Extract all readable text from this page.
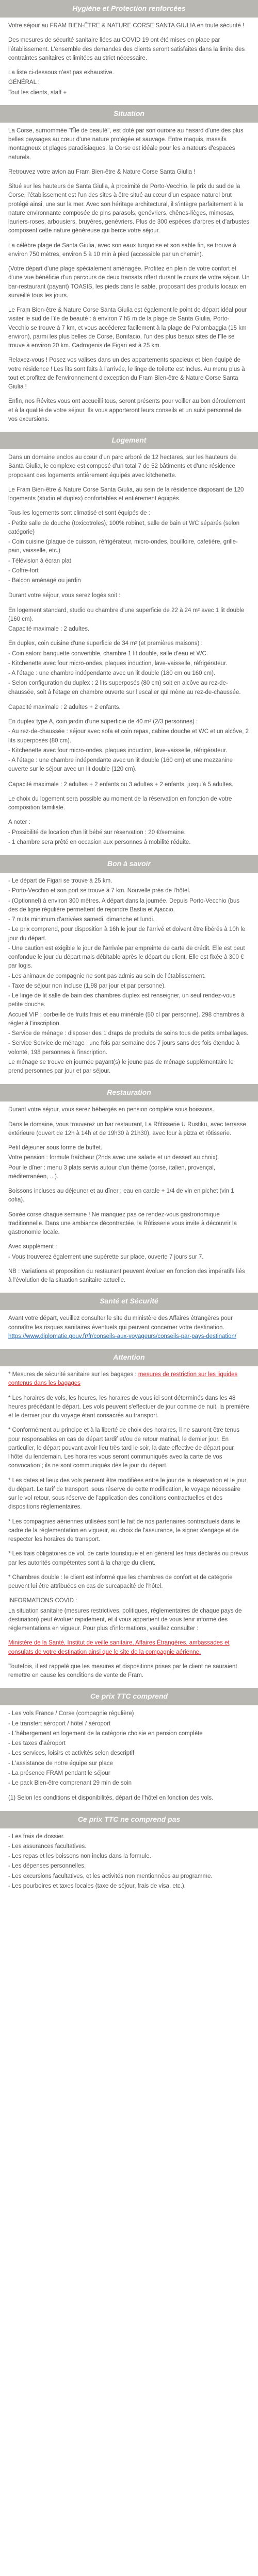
Hygiène et Protection renforcées

Votre séjour au FRAM BIEN-ÊTRE & NATURE CORSE SANTA GIULIA en toute sécurité !

Des mesures de sécurité sanitaire liées au COVID 19 ont été mises en place par l'établissement. L'ensemble des demandes des clients seront satisfaites dans la limite des contraintes sanitaires et limitées au strict nécessaire.

La liste ci-dessous n'est pas exhaustive.

GÉNÉRAL :

Tout les clients, staff +

Situation

La Corse, surnommée "l'Île de beauté", est doté par son ouroire au hasard d'une des plus belles paysages au cœur d'une nature protégée et sauvage. Entre maquis, massifs montagneux et plages paradisiaques, la Corse est idéale pour les amateurs d'espaces naturels.

Retrouvez votre avion au Fram Bien-être & Nature Corse Santa Giulia !

Situé sur les hauteurs de Santa Giulia, à proximité de Porto-Vecchio, le prix du sud de la Corse, l'établissement est l'un des sites à être situé au cœur d'un espace naturel brut protégé ainsi, une sur la mer. Avec son héritage architectural, il s'intègre parfaitement à la nature environnante composée de pins parasols, genévriers, chênes-lièges, mimosas, lauriers-roses, arbousiers, bruyères, genévriers. Plus de 300 espèces d'arbres et d'arbustes composent cette nature généreuse qui berce votre séjour.

La célèbre plage de Santa Giulia, avec son eaux turquoise et son sable fin, se trouve à environ 750 mètres, environ 5 à 10 min à pied (accessible par un chemin).

(Votre départ d'une plage spécialement aménagée. Profitez en plein de votre confort et d'une vue bénéficie d'un parcours de deux transats offert durant le cours de votre séjour. Un bar-restaurant (payant) TOASIS, les pieds dans le sable, proposant des produits locaux en surveillé tous les jours.

Le Fram Bien-être & Nature Corse Santa Giulia est également le point de départ idéal pour visiter le sud de l'île de beauté : à environ 7 h5 m de la plage de Santa Giulia, Porto-Vecchio se trouve à 7 km, et vous accéderez facilement à la plage de Palombaggia (15 km environ), parmi les plus belles de Corse, Bonifacio, l'un des plus beaux sites de l'île se trouve à environ 20 km. Cadrogeois de Figari est à 25 km.

Relaxez-vous ! Posez vos valises dans un des appartements spacieux et bien équipé de votre résidence ! Les lits sont faits à l'arrivée, le linge de toilette est inclus. Au menu plus à tout et profitez de l'environnement d'exception du Fram Bien-être & Nature Corse Santa Giulia !

Enfin, nos Rêvites vous ont accueilli tous, seront présents pour veiller au bon déroulement et à la qualité de votre séjour. Ils vous apporteront leurs conseils et un suivi personnel de vos excursions.

Logement

Dans un domaine enclos au cœur d'un parc arboré de 12 hectares, sur les hauteurs de Santa Giulia, le complexe est composé d'un total 7 de 52 bâtiments et d'une résidence proposant des logements entièrement équipés avec kitchenette.

Le Fram Bien-être & Nature Corse Santa Giulia, au sein de la résidence disposant de 120 logements (studio et duplex) confortables et entièrement équipés.

Tous les logements sont climatisé et sont équipés de :

- Petite salle de douche (toxicotroles), 100% robinet, salle de bain et WC séparés (selon catégorie)
- Coin cuisine (plaque de cuisson, réfrigérateur, micro-ondes, bouilloire, cafetière, grille-pain, vaisselle, etc.)
- Télévision à écran plat
- Coffre-fort
- Balcon aménagé ou jardin

Durant votre séjour, vous serez logés soit :

En logement standard, studio ou chambre d'une superficie de 22 à 24 m² avec 1 lit double (160 cm).

Capacité maximale : 2 adultes.

En duplex, coin cuisine d'une superficie de 34 m² (et premières maisons) :

- Coin salon: banquette convertible, chambre 1 lit double, salle d'eau et WC.
- Kitchenette avec four micro-ondes, plaques induction, lave-vaisselle, réfrigérateur.
- A l'étage : une chambre indépendante avec un lit double (180 cm ou 160 cm).
- Selon configuration du duplex : 2 lits superposés (80 cm) soit en alcôve au rez-de-chaussée, soit à l'étage en chambre ouverte sur l'escalier qui mène au rez-de-chaussée.

Capacité maximale : 2 adultes + 2 enfants.

En duplex type A, coin jardin d'une superficie de 40 m² (2/3 personnes) :

- Au rez-de-chaussée : séjour avec sofa et coin repas, cabine douche et WC et un alcôve, 2 lits superposés (80 cm).
- Kitchenette avec four micro-ondes, plaques induction, lave-vaisselle, réfrigérateur.
- A l'étage : une chambre indépendante avec un lit double (160 cm) et une mezzanine ouverte sur le séjour avec un lit double (120 cm).

Capacité maximale : 2 adultes + 2 enfants ou 3 adultes + 2 enfants, jusqu'à 5 adultes.

Le choix du logement sera possible au moment de la réservation en fonction de votre composition familiale.

A noter :

- Possibilité de location d'un lit bébé sur réservation : 20 €/semaine.
- 1 chambre sera prêté en occasion aux personnes à mobilité réduite.
Bon à savoir
- Le départ de Figari se trouve à 25 km.
- Porto-Vecchio et son port se trouve à 7 km. Nouvelle prés de l'hôtel.
- (Optionnel) à environ 300 mètres. A départ dans la journée. Depuis Porto-Vecchio (bus des de ligne régulière permettent de rejoindre Bastia et Ajaccio.
- 7 nuits minimum d'arrivées samedi, dimanche et lundi.
- Le prix comprend, pour disposition à 16h le jour de l'arrivé et doivent être libérés à 10h le jour du départ.
- Une caution est exigible le jour de l'arrivée par empreinte de carte de crédit. Elle est peut confondue le jour du départ mais débitable après le départ du client. Elle est fixée à 300 € par logis.
- Les animaux de compagnie ne sont pas admis au sein de l'établissement.
- Taxe de séjour non incluse (1,98 par jour et par personne).
- Le linge de lit salle de bain des chambres duplex est renseigner, un seul rendez-vous petite douche.
Accueil VIP : corbeille de fruits frais et eau minérale (50 cl par personne). 298 chambres à régler à l'inscription.
- Service de ménage : disposer des 1 draps de produits de soins tous de petits emballages.
- Service Service de ménage : une fois par semaine des 7 jours sans des fois étendue à volonté, 198 personnes à l'inscription.
Le ménage se trouve en journée payant(s) le jeune pas de ménage supplémentaire le prend personnes par jour et par séjour.
Restauration

Durant votre séjour, vous serez hébergés en pension complète sous boissons.

Dans le domaine, vous trouverez un bar restaurant, La Rôtisserie U Rustiku, avec terrasse extérieure (ouvert de 12h à 14h et de 19h30 à 21h30), avec four à pizza et rôtisserie.

Petit déjeuner sous forme de buffet.

Votre pension : formule fraîcheur (2nds avec une salade et un dessert au choix).

Pour le dîner : menu 3 plats servis autour d'un thème (corse, italien, provençal, méditerranéen, ...).

Boissons incluses au déjeuner et au dîner : eau en carafe + 1/4 de vin en pichet (vin 1 cofia).

Soirée corse chaque semaine ! Ne manquez pas ce rendez-vous gastronomique traditionnelle. Dans une ambiance décontractée, la Rôtisserie vous invite à découvrir la gastronomie locale.

Avec supplément :

- Vous trouverez également une supérette sur place, ouverte 7 jours sur 7.

NB : Variations et proposition du restaurant peuvent évoluer en fonction des impératifs liés à l'évolution de la situation sanitaire actuelle.

Santé et Sécurité

Avant votre départ, veuillez consulter le site du ministère des Affaires étrangères pour connaître les risques sanitaires éventuels qui peuvent concerner votre destination. https://www.diplomatie.gouv.fr/fr/conseils-aux-voyageurs/conseils-par-pays-destination/

Attention

* Mesures de sécurité sanitaire sur les bagages : mesures de restriction sur les liquides contenus dans les bagages

* Les horaires de vols, les heures, les horaires de vous ici sont déterminés dans les 48 heures précédant le départ. Les vols peuvent s'effectuer de jour comme de nuit, la première et le dernier jour du voyage étant consacrés au transport.

* Conformément au principe et à la liberté de choix des horaires, il ne sauront être tenus pour responsables en cas de départ tardif et/ou de retour matinal, le dernier jour. En particulier, le départ pouvant avoir lieu très tard le soir, la date effective de départ pour l'hôtel du lendemain. Les horaires vous seront communiqués avec la carte de vos convocation ; ils ne sont communiqués dès le jour du départ.

* Les dates et lieux des vols peuvent être modifiées entre le jour de la réservation et le jour du départ. Le tarif de transport, sous réserve de cette modification, le voyage nécessaire sur le vol retour, sous réserve de l'application des conditions contractuelles et des dispositions réglementaires.

* Les compagnies aériennes utilisées sont le fait de nos partenaires contractuels dans le cadre de la réglementation en vigueur, au choix de l'assurance, le signer s'engage et de respecter les horaires de transport.

* Les frais obligatoires de vol, de carte touristique et en général les frais déclarés ou prévus par les autorités compétentes sont à la charge du client.

* Chambres double : le client est informé que les chambres de confort et de catégorie peuvent lui être attribuées en cas de surcapacité de l'hôtel.

INFORMATIONS COVID :

La situation sanitaire (mesures restrictives, politiques, réglementaires de chaque pays de destination) peut évoluer rapidement, et il vous appartient de vous tenir informé des réglementations en vigueur. Pour plus d'informations, veuillez consulter :

Ministère de la Santé, Institut de veille sanitaire, Affaires Étrangères, ambassades et consulats de votre destination ainsi que le site de la compagnie aérienne.

Toutefois, il est rappelé que les mesures et dispositions prises par le client ne sauraient remettre en cause les conditions de vente de Fram.

Ce prix TTC comprend
- Les vols France / Corse (compagnie régulière)
- Le transfert aéroport / hôtel / aéroport
- L'hébergement en logement de la catégorie choisie en pension complète
- Les taxes d'aéroport
- Les services, loisirs et activités selon descriptif
- L'assistance de notre équipe sur place
- La présence FRAM pendant le séjour
- Le pack Bien-être comprenant 29 min de soin

(1) Selon les conditions et disponibilités, départ de l'hôtel en fonction des vols.

Ce prix TTC ne comprend pas
- Les frais de dossier.
- Les assurances facultatives.
- Les repas et les boissons non inclus dans la formule.
- Les dépenses personnelles.
- Les excursions facultatives, et les activités non mentionnées au programme.
- Les pourboires et taxes locales (taxe de séjour, frais de visa, etc.).
